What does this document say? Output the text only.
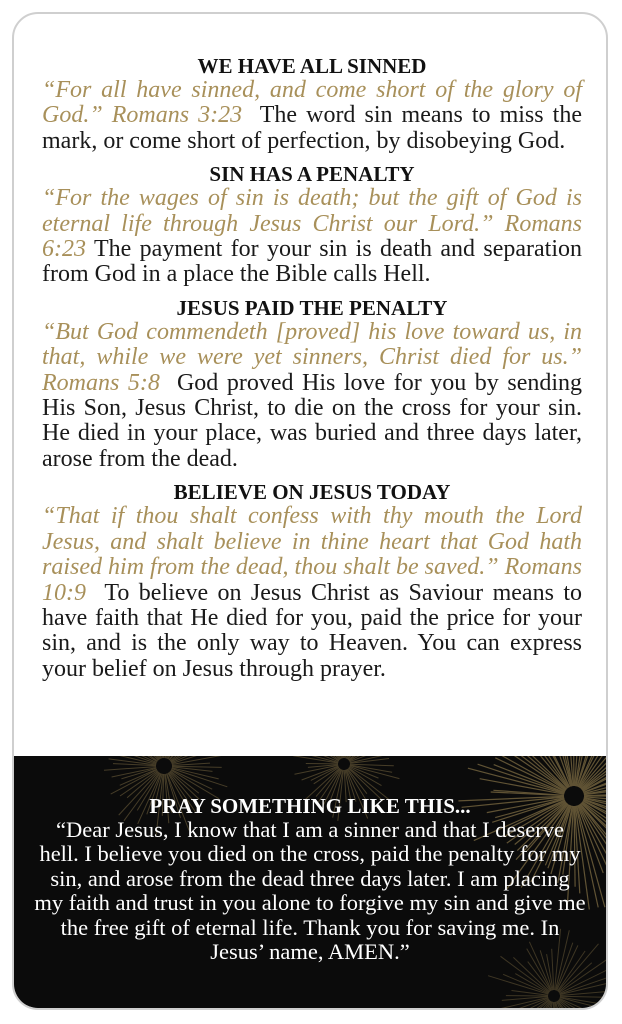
WE HAVE ALL SINNED

“For all have sinned, and come short of the glory of God.” Romans 3:23 The word sin means to miss the mark, or come short of perfection, by disobeying God.

SIN HAS A PENALTY

“For the wages of sin is death; but the gift of God is eternal life through Jesus Christ our Lord.” Romans 6:23 The payment for your sin is death and separation from God in a place the Bible calls Hell.

JESUS PAID THE PENALTY

“But God commendeth [proved] his love toward us, in that, while we were yet sinners, Christ died for us.” Romans 5:8 God proved His love for you by sending His Son, Jesus Christ, to die on the cross for your sin. He died in your place, was buried and three days later, arose from the dead.

BELIEVE ON JESUS TODAY

“That if thou shalt confess with thy mouth the Lord Jesus, and shalt believe in thine heart that God hath raised him from the dead, thou shalt be saved.” Romans 10:9 To believe on Jesus Christ as Saviour means to have faith that He died for you, paid the price for your sin, and is the only way to Heaven. You can express your belief on Jesus through prayer.

PRAY SOMETHING LIKE THIS...
“Dear Jesus, I know that I am a sinner and that I deserve hell. I believe you died on the cross, paid the penalty for my sin, and arose from the dead three days later. I am placing my faith and trust in you alone to forgive my sin and give me the free gift of eternal life. Thank you for saving me. In Jesus’ name, AMEN.”
